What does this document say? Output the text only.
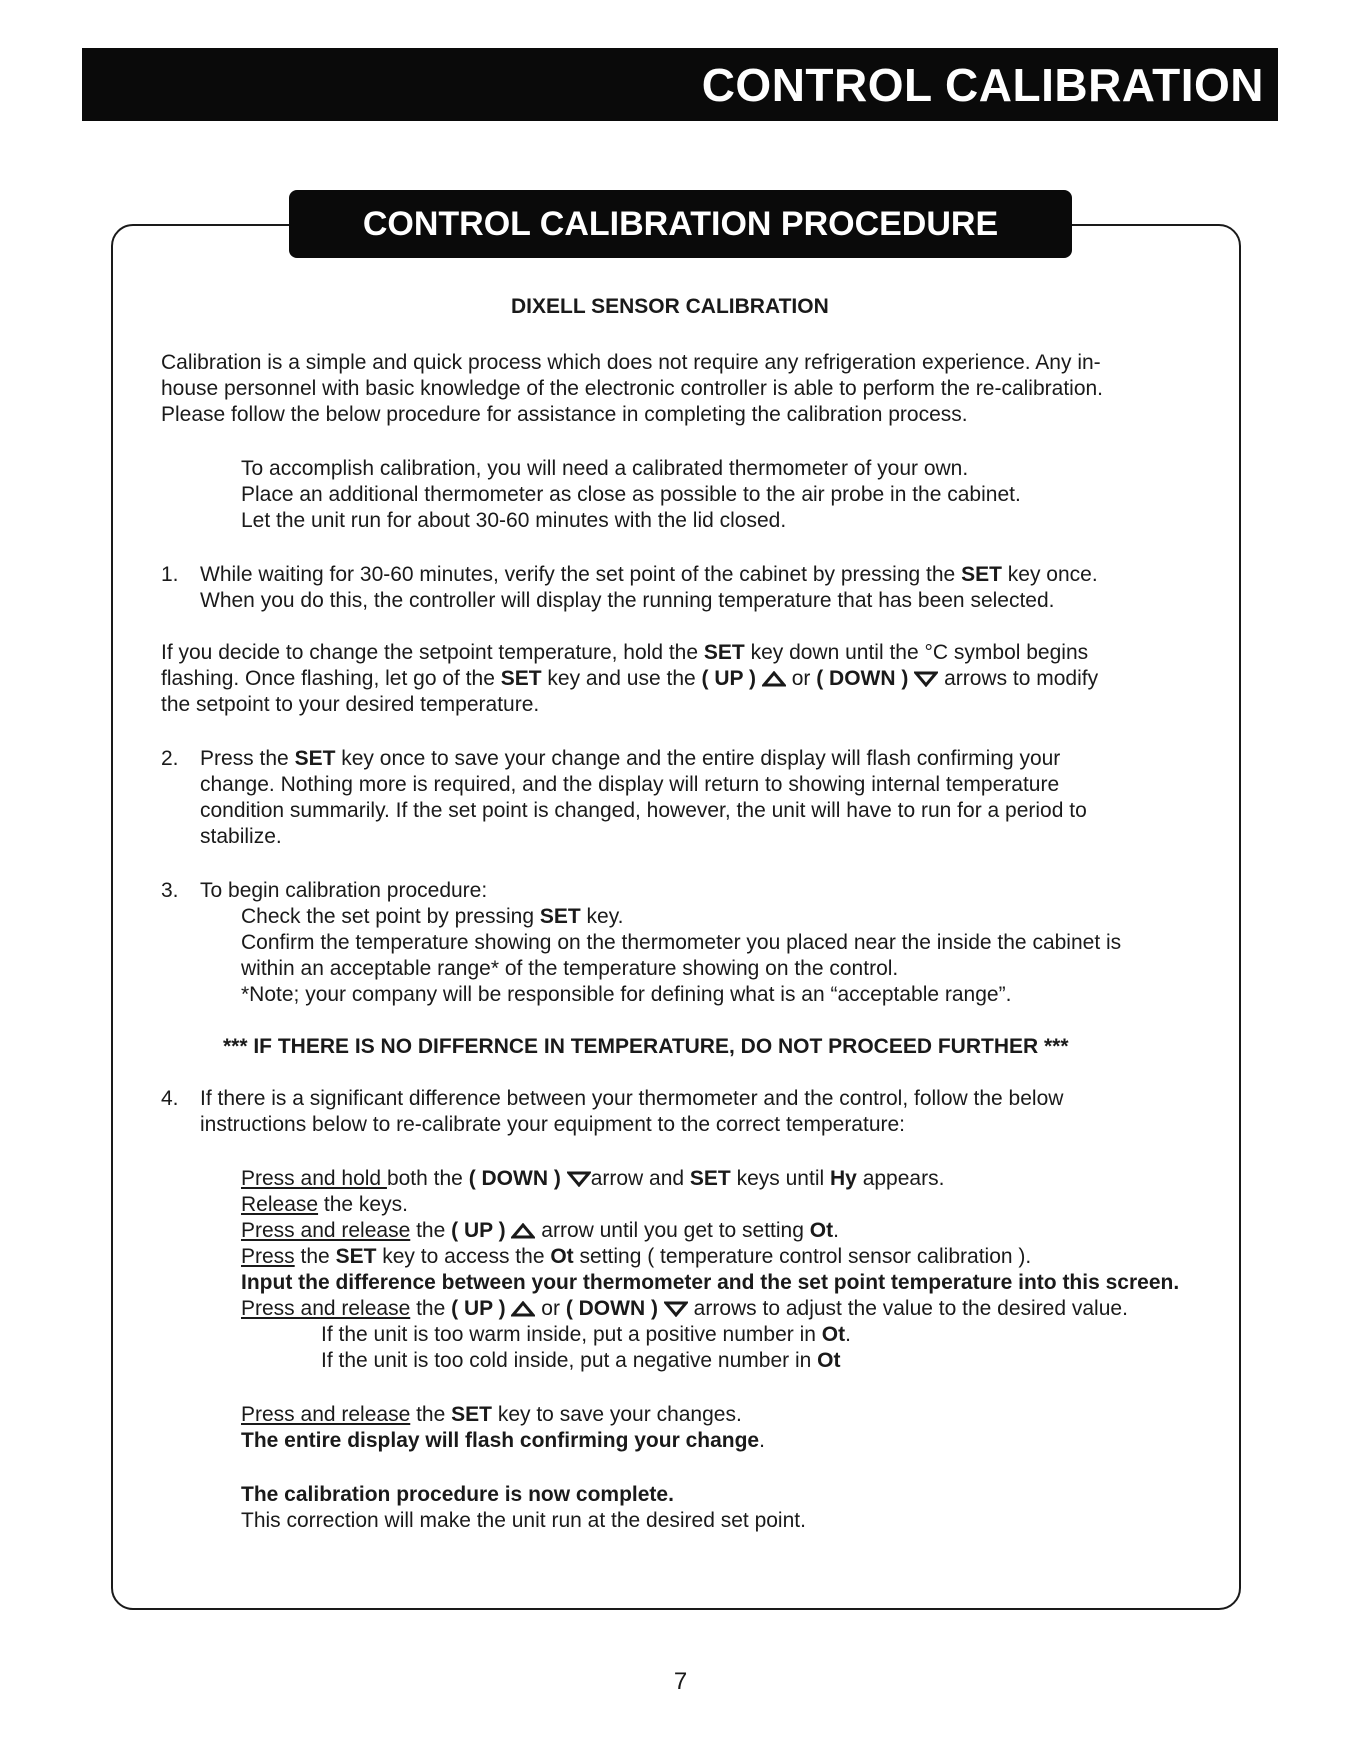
CONTROL CALIBRATION
CONTROL CALIBRATION PROCEDURE
DIXELL SENSOR CALIBRATION
Calibration is a simple and quick process which does not require any refrigeration experience. Any in-
house personnel with basic knowledge of the electronic controller is able to perform the re-calibration.
Please follow the below procedure for assistance in completing the calibration process.
To accomplish calibration, you will need a calibrated thermometer of your own.
Place an additional thermometer as close as possible to the air probe in the cabinet.
Let the unit run for about 30-60 minutes with the lid closed.
1. While waiting for 30-60 minutes, verify the set point of the cabinet by pressing the SET key once.
When you do this, the controller will display the running temperature that has been selected.
If you decide to change the setpoint temperature, hold the SET key down until the °C symbol begins
flashing. Once flashing, let go of the SET key and use the ( UP ) or ( DOWN ) arrows to modify
the setpoint to your desired temperature.
2. Press the SET key once to save your change and the entire display will flash confirming your
change. Nothing more is required, and the display will return to showing internal temperature
condition summarily. If the set point is changed, however, the unit will have to run for a period to
stabilize.
3. To begin calibration procedure:
Check the set point by pressing SET key.
Confirm the temperature showing on the thermometer you placed near the inside the cabinet is
within an acceptable range* of the temperature showing on the control.
*Note; your company will be responsible for defining what is an “acceptable range”.
*** IF THERE IS NO DIFFERNCE IN TEMPERATURE, DO NOT PROCEED FURTHER ***
4. If there is a significant difference between your thermometer and the control, follow the below
instructions below to re-calibrate your equipment to the correct temperature:
Press and hold both the ( DOWN ) arrow and SET keys until Hy appears.
Release the keys.
Press and release the ( UP )  arrow until you get to setting Ot.
Press the SET key to access the Ot setting ( temperature control sensor calibration ).
Input the difference between your thermometer and the set point temperature into this screen.
Press and release the ( UP ) or ( DOWN ) arrows to adjust the value to the desired value.
If the unit is too warm inside, put a positive number in Ot.
If the unit is too cold inside, put a negative number in Ot
Press and release the SET key to save your changes.
The entire display will flash confirming your change.
The calibration procedure is now complete.
This correction will make the unit run at the desired set point.
7
